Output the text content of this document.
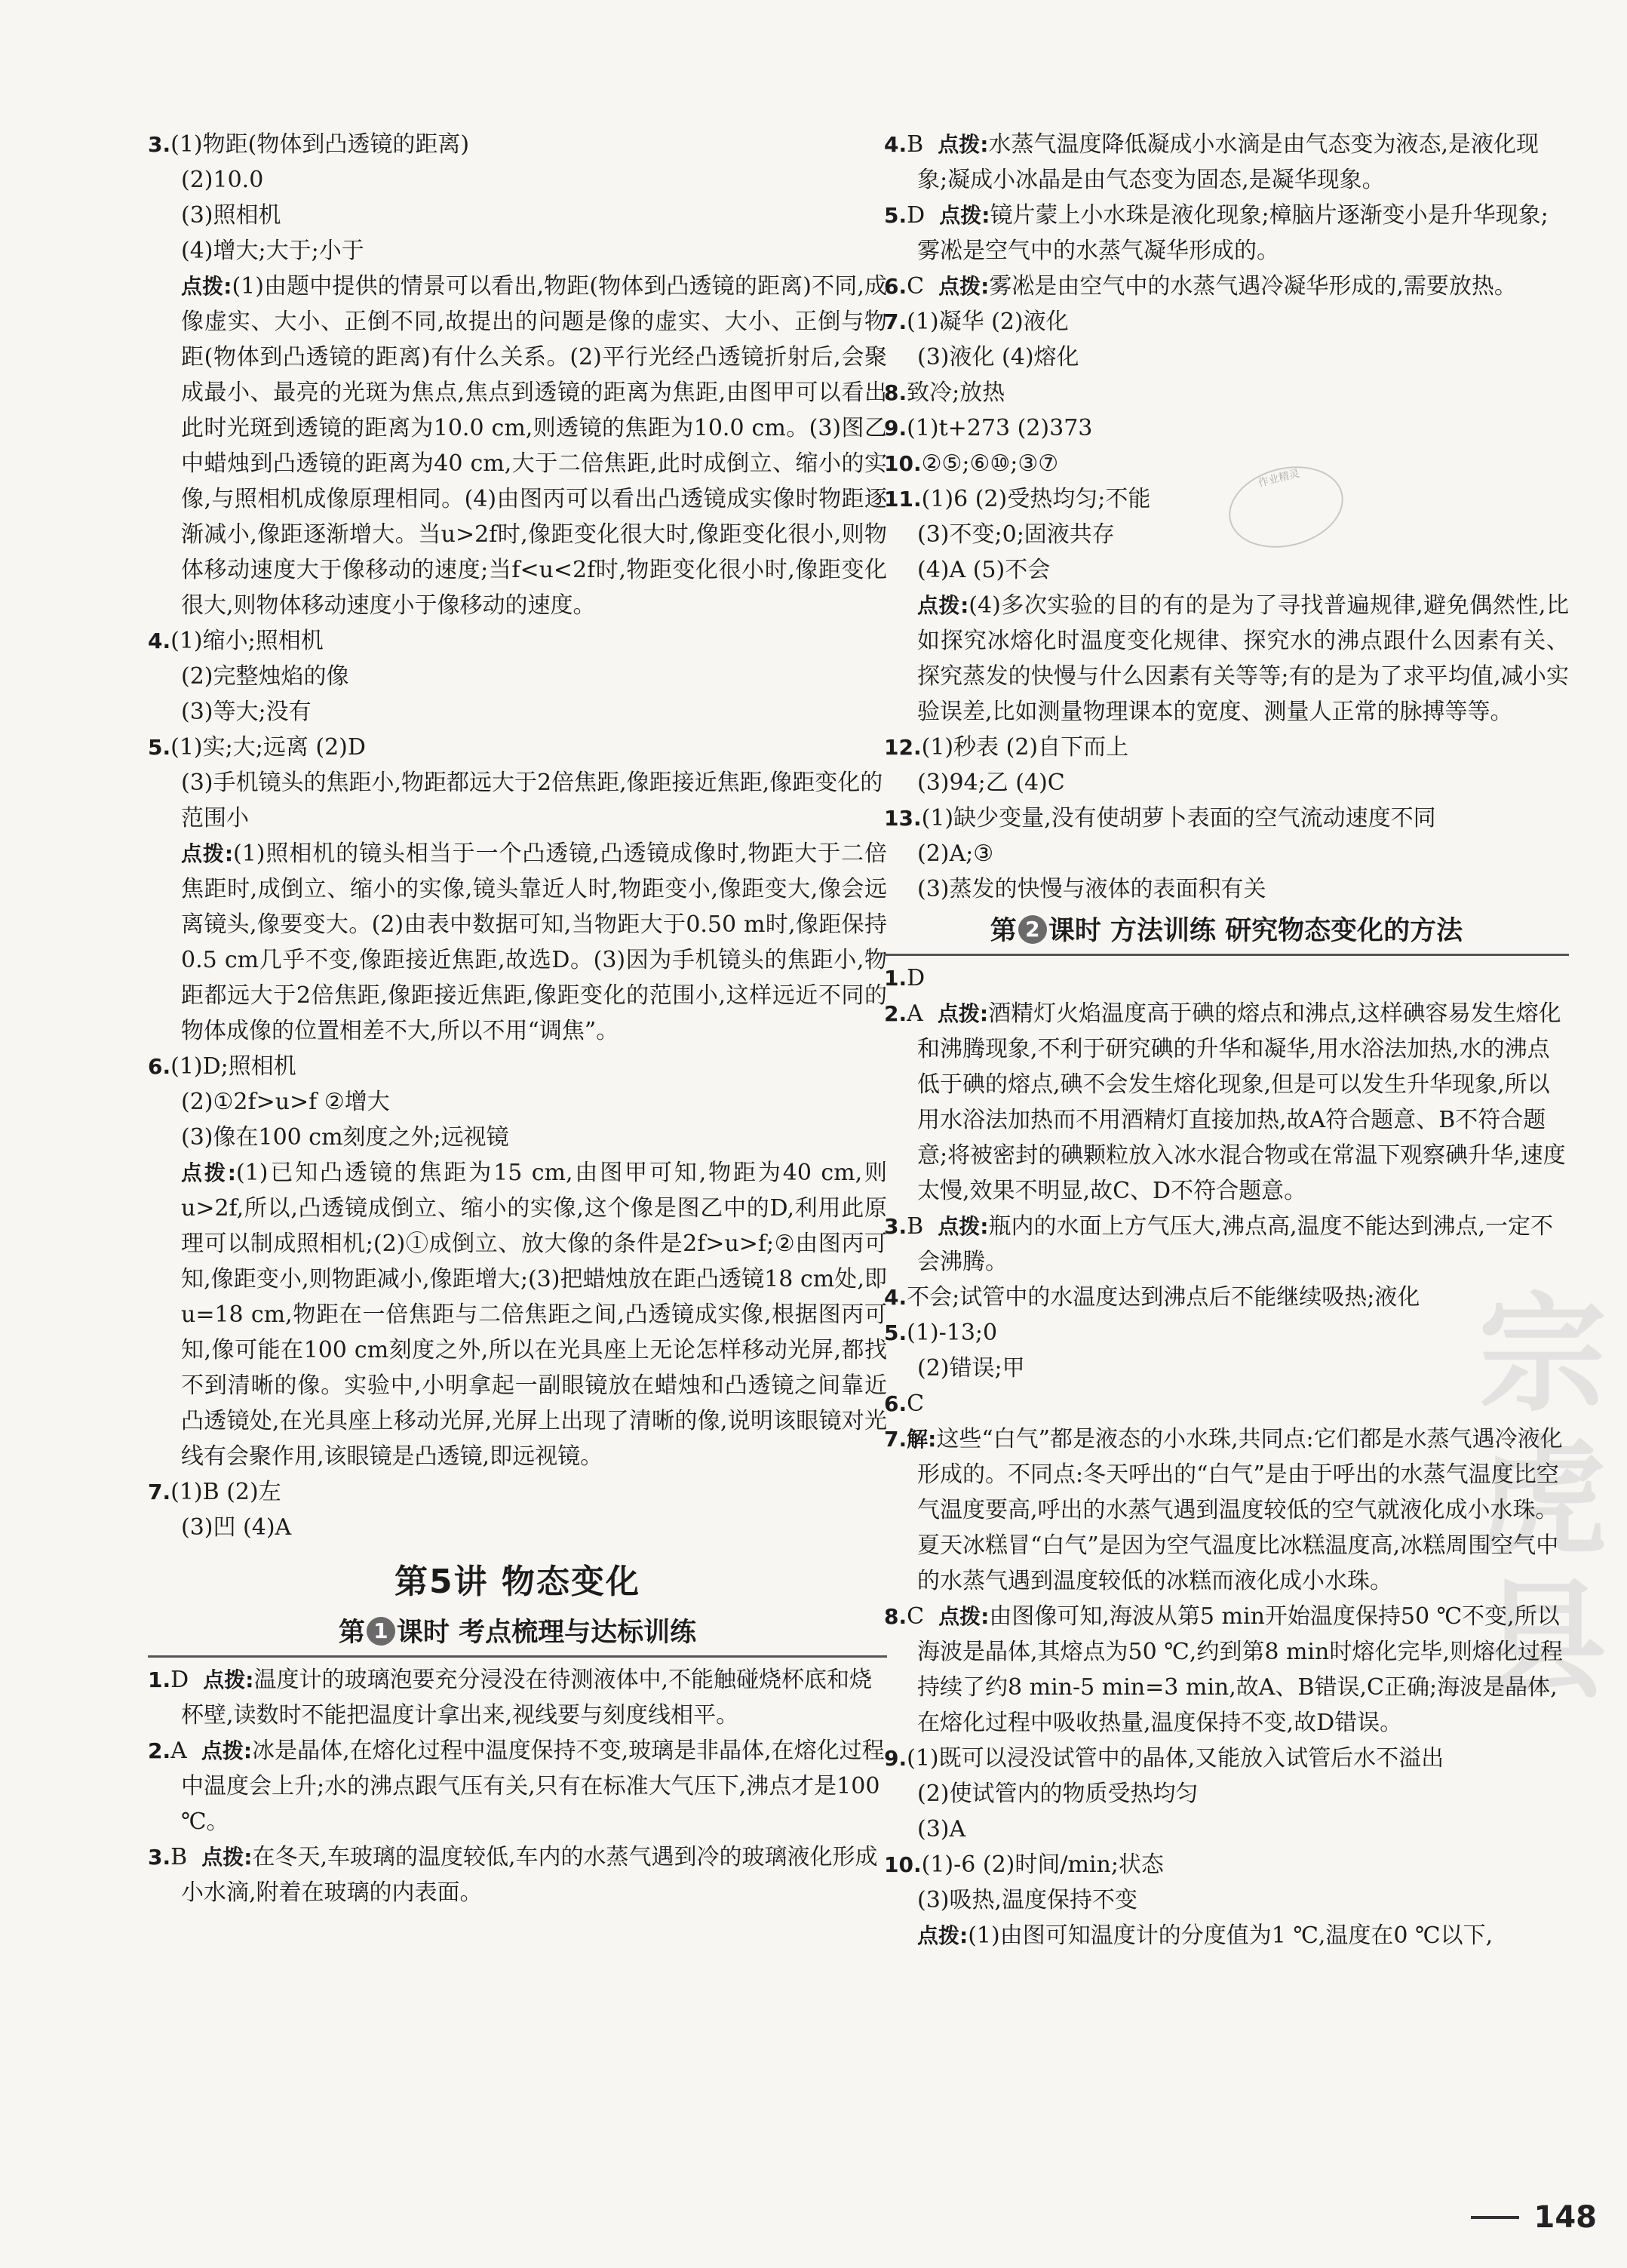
宗
虎
县
作业精灵
3.(1)物距(物体到凸透镜的距离)
(2)10.0
(3)照相机
(4)增大;大于;小于
点拨:(1)由题中提供的情景可以看出,物距(物体到凸透镜的距离)不同,成像虚实、大小、正倒不同,故提出的问题是像的虚实、大小、正倒与物距(物体到凸透镜的距离)有什么关系。(2)平行光经凸透镜折射后,会聚成最小、最亮的光斑为焦点,焦点到透镜的距离为焦距,由图甲可以看出此时光斑到透镜的距离为10.0 cm,则透镜的焦距为10.0 cm。(3)图乙中蜡烛到凸透镜的距离为40 cm,大于二倍焦距,此时成倒立、缩小的实像,与照相机成像原理相同。(4)由图丙可以看出凸透镜成实像时物距逐渐减小,像距逐渐增大。当u>2f时,像距变化很大时,像距变化很小,则物体移动速度大于像移动的速度;当f<u<2f时,物距变化很小时,像距变化很大,则物体移动速度小于像移动的速度。
4.(1)缩小;照相机
(2)完整烛焰的像
(3)等大;没有
5.(1)实;大;远离 (2)D
(3)手机镜头的焦距小,物距都远大于2倍焦距,像距接近焦距,像距变化的范围小
点拨:(1)照相机的镜头相当于一个凸透镜,凸透镜成像时,物距大于二倍焦距时,成倒立、缩小的实像,镜头靠近人时,物距变小,像距变大,像会远离镜头,像要变大。(2)由表中数据可知,当物距大于0.50 m时,像距保持0.5 cm几乎不变,像距接近焦距,故选D。(3)因为手机镜头的焦距小,物距都远大于2倍焦距,像距接近焦距,像距变化的范围小,这样远近不同的物体成像的位置相差不大,所以不用“调焦”。
6.(1)D;照相机
(2)①2f>u>f ②增大
(3)像在100 cm刻度之外;远视镜
点拨:(1)已知凸透镜的焦距为15 cm,由图甲可知,物距为40 cm,则u>2f,所以,凸透镜成倒立、缩小的实像,这个像是图乙中的D,利用此原理可以制成照相机;(2)①成倒立、放大像的条件是2f>u>f;②由图丙可知,像距变小,则物距减小,像距增大;(3)把蜡烛放在距凸透镜18 cm处,即u=18 cm,物距在一倍焦距与二倍焦距之间,凸透镜成实像,根据图丙可知,像可能在100 cm刻度之外,所以在光具座上无论怎样移动光屏,都找不到清晰的像。实验中,小明拿起一副眼镜放在蜡烛和凸透镜之间靠近凸透镜处,在光具座上移动光屏,光屏上出现了清晰的像,说明该眼镜对光线有会聚作用,该眼镜是凸透镜,即远视镜。
7.(1)B (2)左
(3)凹 (4)A
第5讲 物态变化
第 1 课时 考点梳理与达标训练
1.D 点拨:温度计的玻璃泡要充分浸没在待测液体中,不能触碰烧杯底和烧杯壁,读数时不能把温度计拿出来,视线要与刻度线相平。
2.A 点拨:冰是晶体,在熔化过程中温度保持不变,玻璃是非晶体,在熔化过程中温度会上升;水的沸点跟气压有关,只有在标准大气压下,沸点才是100 ℃。
3.B 点拨:在冬天,车玻璃的温度较低,车内的水蒸气遇到冷的玻璃液化形成小水滴,附着在玻璃的内表面。
4.B 点拨:水蒸气温度降低凝成小水滴是由气态变为液态,是液化现象;凝成小冰晶是由气态变为固态,是凝华现象。
5.D 点拨:镜片蒙上小水珠是液化现象;樟脑片逐渐变小是升华现象;雾凇是空气中的水蒸气凝华形成的。
6.C 点拨:雾凇是由空气中的水蒸气遇冷凝华形成的,需要放热。
7.(1)凝华 (2)液化
(3)液化 (4)熔化
8.致冷;放热
9.(1)t+273 (2)373
10.②⑤;⑥⑩;③⑦
11.(1)6 (2)受热均匀;不能
(3)不变;0;固液共存
(4)A (5)不会
点拨:(4)多次实验的目的有的是为了寻找普遍规律,避免偶然性,比如探究冰熔化时温度变化规律、探究水的沸点跟什么因素有关、探究蒸发的快慢与什么因素有关等等;有的是为了求平均值,减小实验误差,比如测量物理课本的宽度、测量人正常的脉搏等等。
12.(1)秒表 (2)自下而上
(3)94;乙 (4)C
13.(1)缺少变量,没有使胡萝卜表面的空气流动速度不同
(2)A;③
(3)蒸发的快慢与液体的表面积有关
第 2 课时 方法训练 研究物态变化的方法
1.D
2.A 点拨:酒精灯火焰温度高于碘的熔点和沸点,这样碘容易发生熔化和沸腾现象,不利于研究碘的升华和凝华,用水浴法加热,水的沸点低于碘的熔点,碘不会发生熔化现象,但是可以发生升华现象,所以用水浴法加热而不用酒精灯直接加热,故A符合题意、B不符合题意;将被密封的碘颗粒放入冰水混合物或在常温下观察碘升华,速度太慢,效果不明显,故C、D不符合题意。
3.B 点拨:瓶内的水面上方气压大,沸点高,温度不能达到沸点,一定不会沸腾。
4.不会;试管中的水温度达到沸点后不能继续吸热;液化
5.(1)-13;0
(2)错误;甲
6.C
7.解:这些“白气”都是液态的小水珠,共同点:它们都是水蒸气遇冷液化形成的。不同点:冬天呼出的“白气”是由于呼出的水蒸气温度比空气温度要高,呼出的水蒸气遇到温度较低的空气就液化成小水珠。夏天冰糕冒“白气”是因为空气温度比冰糕温度高,冰糕周围空气中的水蒸气遇到温度较低的冰糕而液化成小水珠。
8.C 点拨:由图像可知,海波从第5 min开始温度保持50 ℃不变,所以海波是晶体,其熔点为50 ℃,约到第8 min时熔化完毕,则熔化过程持续了约8 min-5 min=3 min,故A、B错误,C正确;海波是晶体,在熔化过程中吸收热量,温度保持不变,故D错误。
9.(1)既可以浸没试管中的晶体,又能放入试管后水不溢出
(2)使试管内的物质受热均匀
(3)A
10.(1)-6 (2)时间/min;状态
(3)吸热,温度保持不变
点拨:(1)由图可知温度计的分度值为1 ℃,温度在0 ℃以下,
148
